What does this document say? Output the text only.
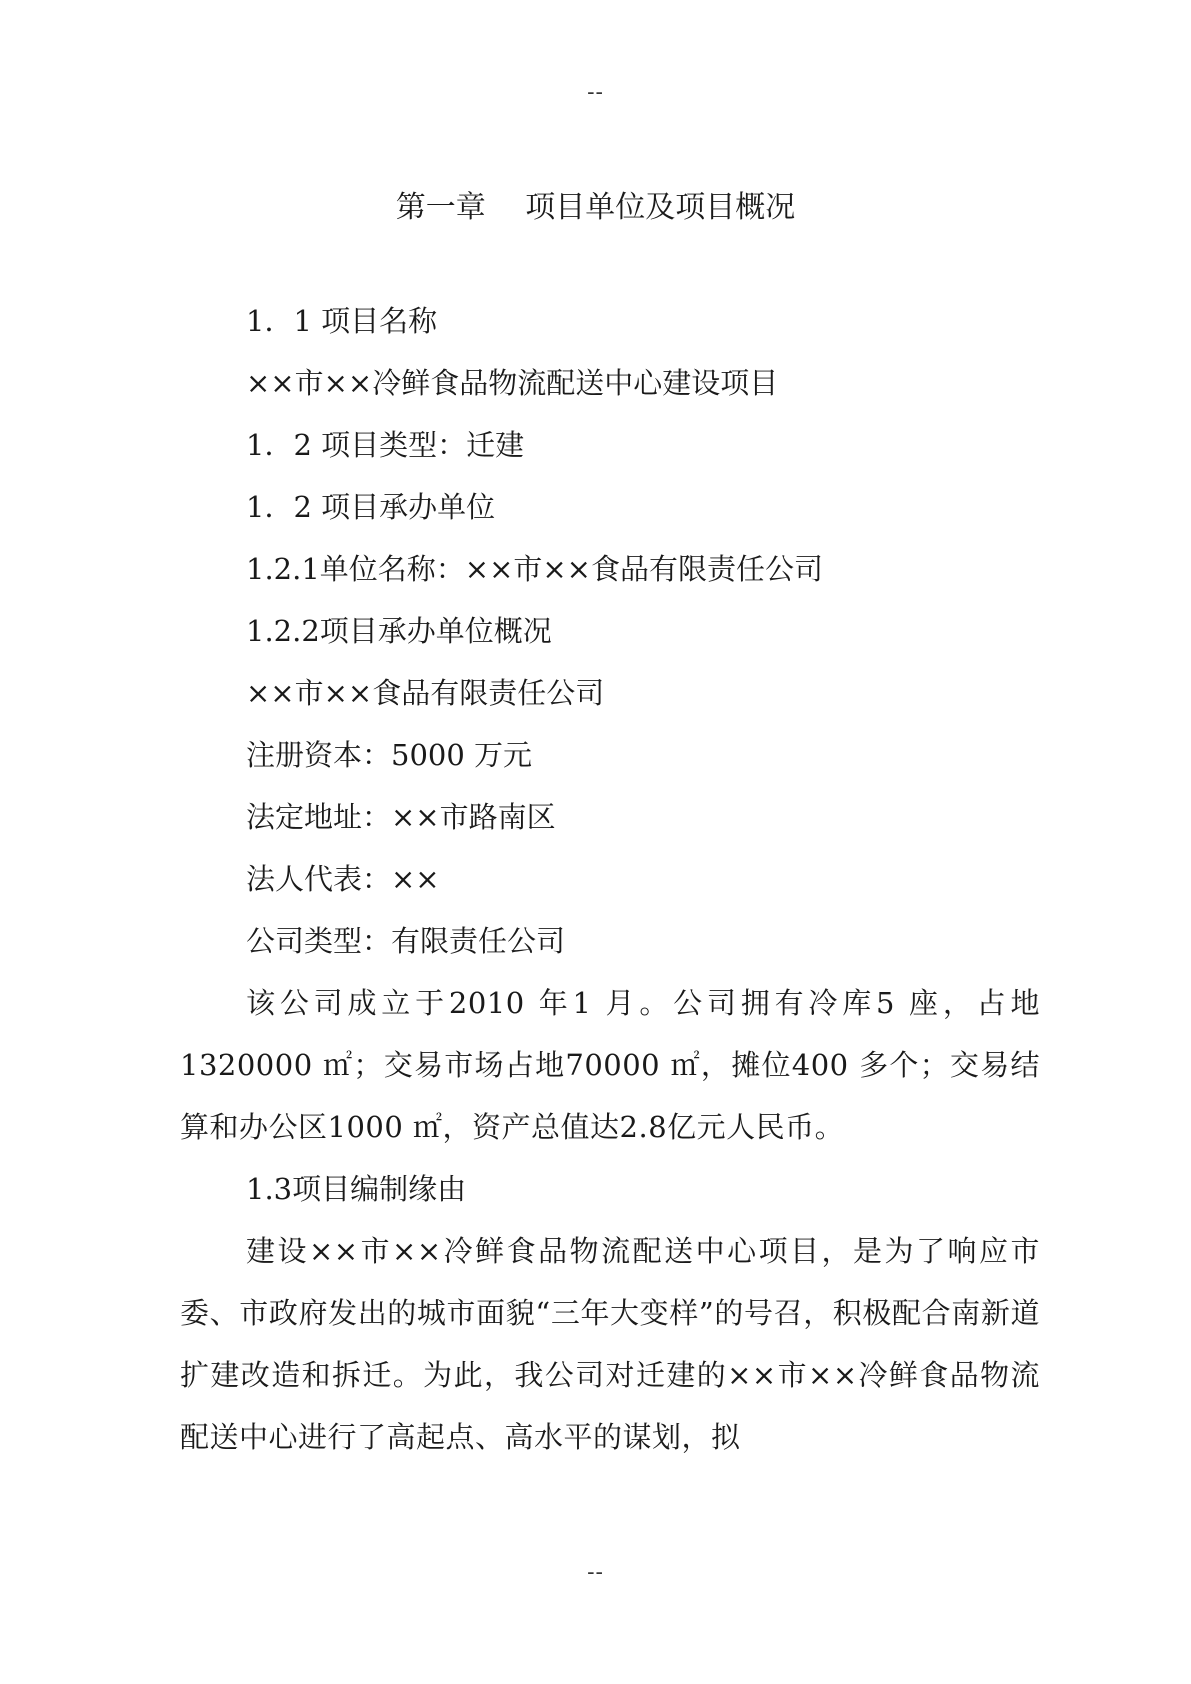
--
第一章　 项目单位及项目概况

1．1 项目名称

××市××冷鲜食品物流配送中心建设项目

1．2 项目类型：迁建

1．2 项目承办单位

1.2.1单位名称：××市××食品有限责任公司

1.2.2项目承办单位概况

××市××食品有限责任公司

注册资本：5000 万元

法定地址：××市路南区

法人代表：××

公司类型：有限责任公司

该公司成立于2010 年1 月。公司拥有冷库5 座，占地1320000 ㎡；交易市场占地70000 ㎡，摊位400 多个；交易结算和办公区1000 ㎡，资产总值达2.8亿元人民币。

1.3项目编制缘由

建设××市××冷鲜食品物流配送中心项目，是为了响应市委、市政府发出的城市面貌“三年大变样”的号召，积极配合南新道扩建改造和拆迁。为此，我公司对迁建的××市××冷鲜食品物流配送中心进行了高起点、高水平的谋划，拟

--
